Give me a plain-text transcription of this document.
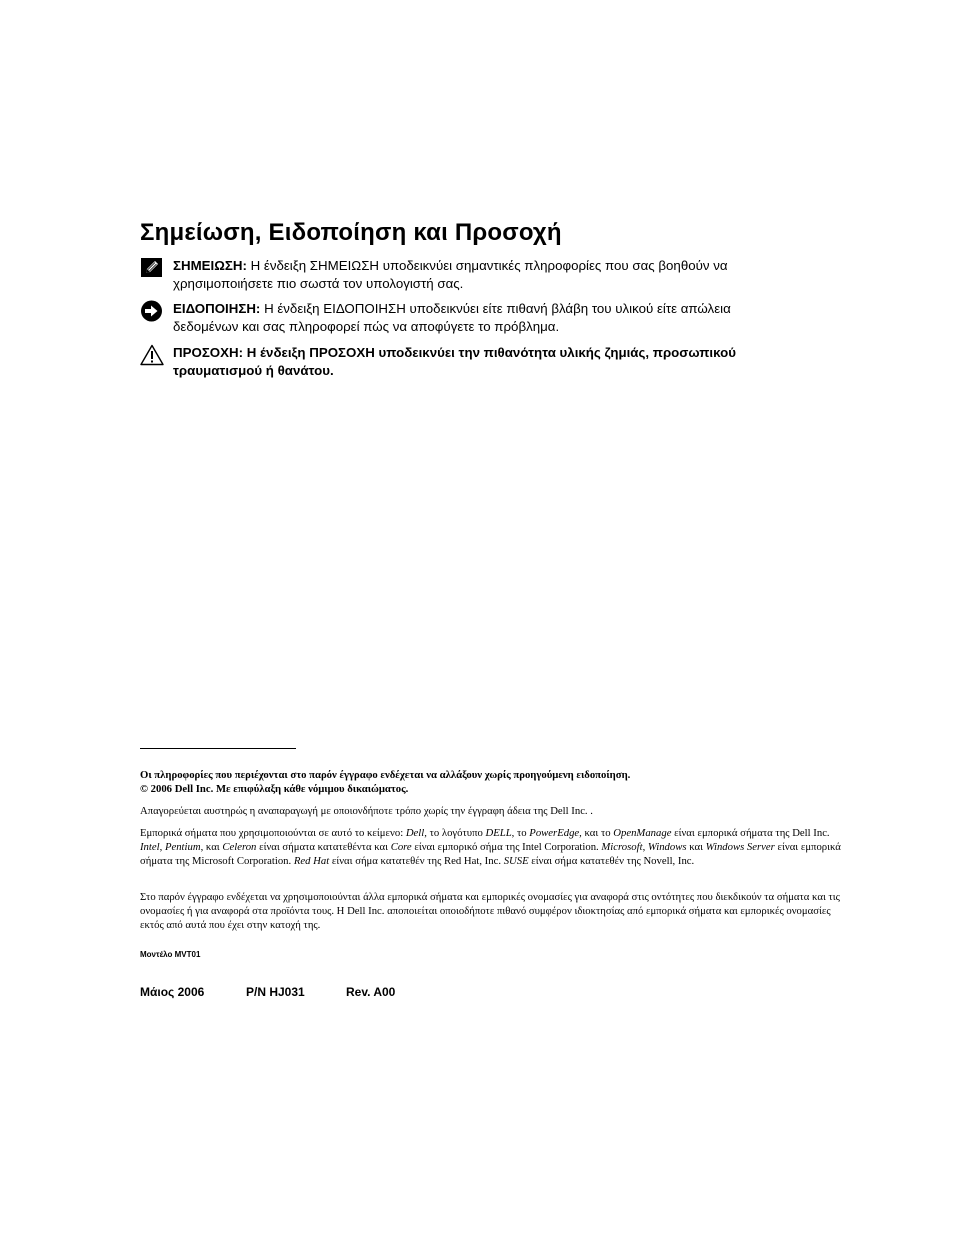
Σημείωση, Ειδοποίηση και Προσοχή
ΣΗΜΕΙΩΣΗ: Η ένδειξη ΣΗΜΕΙΩΣΗ υποδεικνύει σημαντικές πληροφορίες που σας βοηθούν να χρησιμοποιήσετε πιο σωστά τον υπολογιστή σας.
ΕΙΔΟΠΟΙΗΣΗ: Η ένδειξη ΕΙΔΟΠΟΙΗΣΗ υποδεικνύει είτε πιθανή βλάβη του υλικού είτε απώλεια δεδομένων και σας πληροφορεί πώς να αποφύγετε το πρόβλημα.
ΠΡΟΣΟΧΗ: Η ένδειξη ΠΡΟΣΟΧΗ υποδεικνύει την πιθανότητα υλικής ζημιάς, προσωπικού τραυματισμού ή θανάτου.

Οι πληροφορίες που περιέχονται στο παρόν έγγραφο ενδέχεται να αλλάξουν χωρίς προηγούμενη ειδοποίηση.
© 2006 Dell Inc. Με επιφύλαξη κάθε νόμιμου δικαιώματος.

Απαγορεύεται αυστηρώς η αναπαραγωγή με οποιονδήποτε τρόπο χωρίς την έγγραφη άδεια της Dell Inc. .

Εμπορικά σήματα που χρησιμοποιούνται σε αυτό το κείμενο: Dell, το λογότυπο DELL, το PowerEdge, και το OpenManage είναι εμπορικά σήματα της Dell Inc. Intel, Pentium, και Celeron είναι σήματα κατατεθέντα και Core είναι εμπορικό σήμα της Intel Corporation. Microsoft, Windows και Windows Server είναι εμπορικά σήματα της Microsoft Corporation. Red Hat είναι σήμα κατατεθέν της Red Hat, Inc. SUSE είναι σήμα κατατεθέν της Novell, Inc.

Στο παρόν έγγραφο ενδέχεται να χρησιμοποιούνται άλλα εμπορικά σήματα και εμπορικές ονομασίες για αναφορά στις οντότητες που διεκδικούν τα σήματα και τις ονομασίες ή για αναφορά στα προϊόντα τους. Η Dell Inc. αποποιείται οποιοδήποτε πιθανό συμφέρον ιδιοκτησίας από εμπορικά σήματα και εμπορικές ονομασίες εκτός από αυτά που έχει στην κατοχή της.

Μοντέλο MVT01
Μάιος 2006	P/N HJ031	Rev. A00
